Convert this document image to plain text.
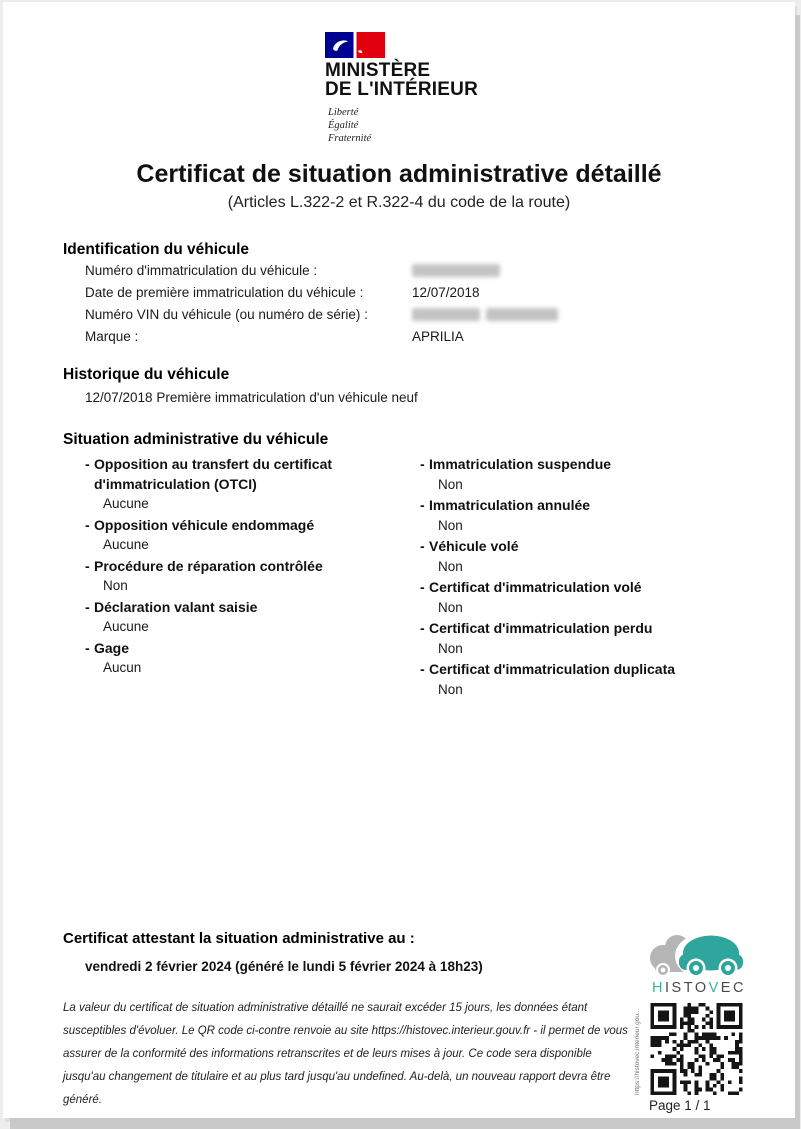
MINISTÈRE
DE L'INTÉRIEUR
Liberté
Égalité
Fraternité
Certificat de situation administrative détaillé
(Articles L.322-2 et R.322-4 du code de la route)
Identification du véhicule
Numéro d'immatriculation du véhicule :
Date de première immatriculation du véhicule :	12/07/2018
Numéro VIN du véhicule (ou numéro de série) :
Marque :	APRILIA
Historique du véhicule
12/07/2018 Première immatriculation d'un véhicule neuf
Situation administrative du véhicule
- Opposition au transfert du certificat d'immatriculation (OTCI)
Aucune
- Opposition véhicule endommagé
Aucune
- Procédure de réparation contrôlée
Non
- Déclaration valant saisie
Aucune
- Gage
Aucun
- Immatriculation suspendue
Non
- Immatriculation annulée
Non
- Véhicule volé
Non
- Certificat d'immatriculation volé
Non
- Certificat d'immatriculation perdu
Non
- Certificat d'immatriculation duplicata
Non
Certificat attestant la situation administrative au :
vendredi 2 février 2024 (généré le lundi 5 février 2024 à 18h23)
La valeur du certificat de situation administrative détaillé ne saurait excéder 15 jours, les données étant susceptibles d'évoluer. Le QR code ci-contre renvoie au site https://histovec.interieur.gouv.fr - il permet de vous assurer de la conformité des informations retranscrites et de leurs mises à jour. Ce code sera disponible jusqu'au changement de titulaire et au plus tard jusqu'au undefined. Au-delà, un nouveau rapport devra être généré.
HISTOVEC
https://histovec.interieur.gou...
Page 1 / 1
